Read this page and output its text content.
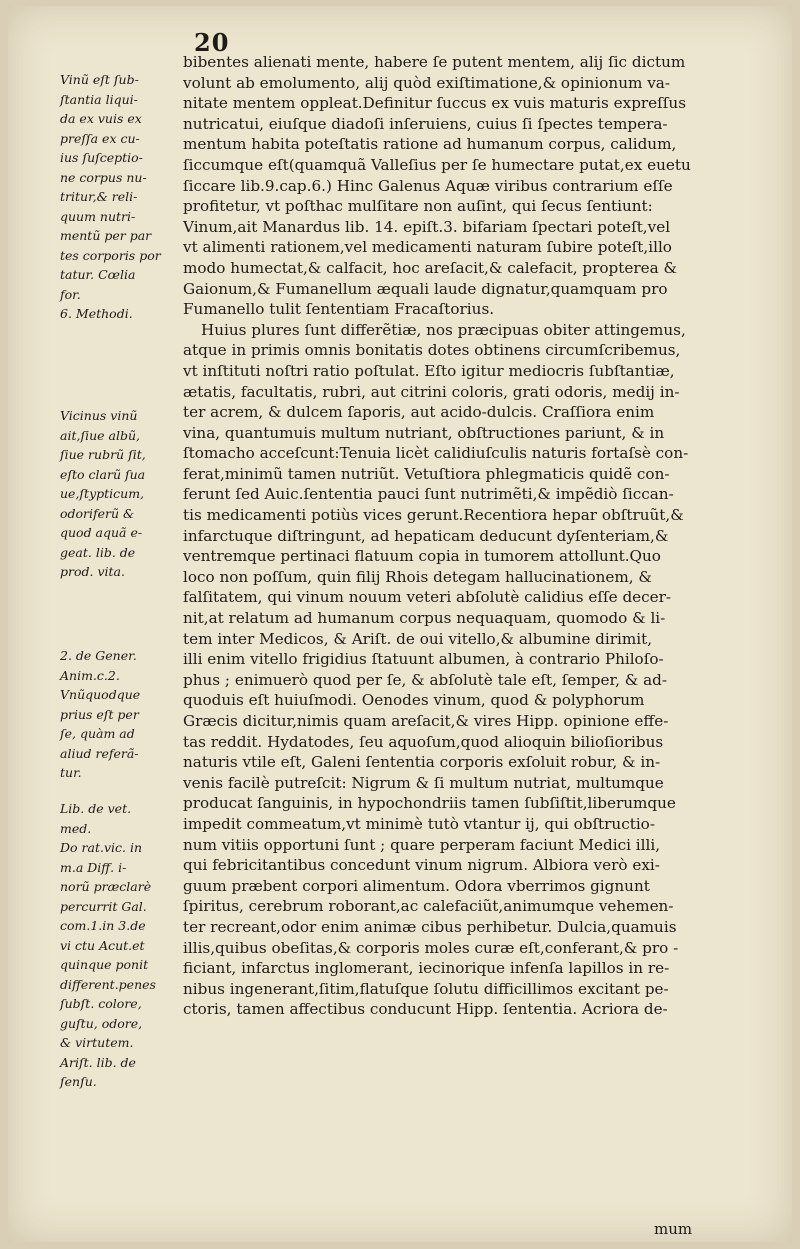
20
Vinũ eſt ſub-
ſtantia liqui-
da ex vuis ex
preſſa ex cu-
ius ſuſceptio-
ne corpus nu-
tritur,& reli-
quum nutri-
mentũ per par
tes corporis por
tatur. Cœlia
for.
6. Methodi.
Vicinus vinũ
ait,ſiue albũ,
ſiue rubrũ ſit,
eſto clarũ ſua
ue,ſtypticum,
odoriferũ &
quod aquã e-
geat. lib. de
prod. vita.
2. de Gener.
Anim.c.2.
Vnũquodque
prius eſt per
ſe, quàm ad
aliud referã-
tur.
Lib. de vet.
med.
Do rat.vic. in
m.a Diff. i-
norũ præclarè
percurrit Gal.
com.1.in 3.de
vi ctu Acut.et
quinque ponit
different.penes
ſubſt. colore,
guſtu, odore,
& virtutem.
Ariſt. lib. de
ſenſu.
bibentes alienati mente, habere ſe putent mentem, alij ſic dictum
volunt ab emolumento, alij quòd exiſtimatione,& opinionum va-
nitate mentem oppleat.Definitur ſuccus ex vuis maturis expreſſus
nutricatui, eiuſque diadoſi inſeruiens, cuius ſi ſpectes tempera-
mentum habita poteſtatis ratione ad humanum corpus, calidum,
ſiccumque eſt(quamquã Valleſius per ſe humectare putat,ex euetu
ſiccare lib.9.cap.6.) Hinc Galenus Aquæ viribus contrarium eſſe
profitetur, vt poſthac mulſitare non auſint, qui ſecus ſentiunt:
Vinum,ait Manardus lib. 14. epiſt.3. bifariam ſpectari poteſt,vel
vt alimenti rationem,vel medicamenti naturam ſubire poteſt,illo
modo humectat,& calfacit, hoc areſacit,& calefacit, propterea &
Gaionum,& Fumanellum æquali laude dignatur,quamquam pro
Fumanello tulit ſententiam Fracaſtorius.
Huius plures ſunt differẽtiæ, nos præcipuas obiter attingemus,
atque in primis omnis bonitatis dotes obtinens circumſcribemus,
vt inſtituti noſtri ratio poſtulat. Eſto igitur mediocris ſubſtantiæ,
ætatis, facultatis, rubri, aut citrini coloris, grati odoris, medij in-
ter acrem, & dulcem ſaporis, aut acido-dulcis. Craſſiora enim
vina, quantumuis multum nutriant, obſtructiones pariunt, & in
ſtomacho acceſcunt:Tenuia licèt calidiuſculis naturis fortaſsè con-
ferat,minimũ tamen nutriũt. Vetuſtiora phlegmaticis quidẽ con-
ferunt ſed Auic.ſententia pauci ſunt nutrimẽti,& impẽdiò ſiccan-
tis medicamenti potiùs vices gerunt.Recentiora hepar obſtruũt,&
infarctuque diſtringunt, ad hepaticam deducunt dyſenteriam,&
ventremque pertinaci flatuum copia in tumorem attollunt.Quo
loco non poſſum, quin filij Rhois detegam hallucinationem, &
falſitatem, qui vinum nouum veteri abſolutè calidius eſſe decer-
nit,at relatum ad humanum corpus nequaquam, quomodo & li-
tem inter Medicos, & Ariſt. de oui vitello,& albumine dirimit,
illi enim vitello frigidius ſtatuunt albumen, à contrario Philoſo-
phus ; enimuerò quod per ſe, & abſolutè tale eſt, ſemper, & ad-
quoduis eſt huiuſmodi. Oenodes vinum, quod & polyphorum
Græcis dicitur,nimis quam areſacit,& vires Hipp. opinione effe-
tas reddit. Hydatodes, ſeu aquoſum,quod alioquin bilioſioribus
naturis vtile eſt, Galeni ſententia corporis exſoluit robur, & in-
venis facilè putreſcit: Nigrum & ſi multum nutriat, multumque
producat ſanguinis, in hypochondriis tamen ſubſiſtit,liberumque
impedit commeatum,vt minimè tutò vtantur ij, qui obſtructio-
num vitiis opportuni ſunt ; quare perperam faciunt Medici illi,
qui febricitantibus concedunt vinum nigrum. Albiora verò exi-
guum præbent corpori alimentum. Odora vberrimos gignunt
ſpiritus, cerebrum roborant,ac calefaciũt,animumque vehemen-
ter recreant,odor enim animæ cibus perhibetur. Dulcia,quamuis
illis,quibus obeſitas,& corporis moles curæ eſt,conferant,& pro -
ficiant, infarctus inglomerant, iecinorique infenſa lapillos in re-
nibus ingenerant,ſitim,flatuſque ſolutu difficillimos excitant pe-
ctoris, tamen affectibus conducunt Hipp. ſententia. Acriora de-
mum
